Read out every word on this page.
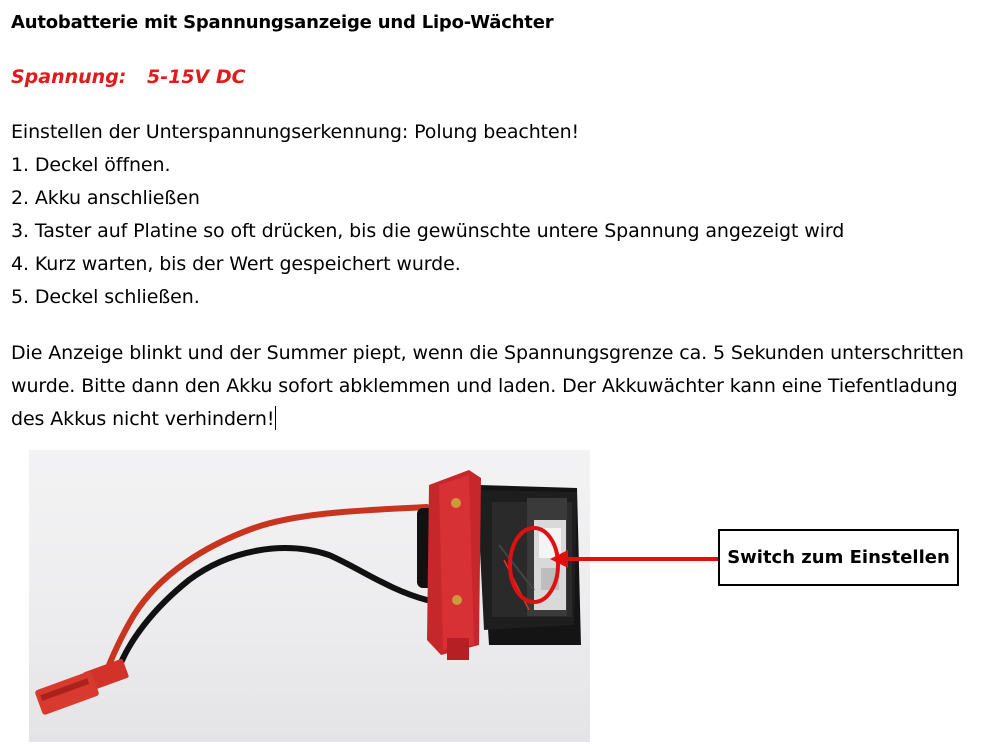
Autobatterie mit Spannungsanzeige und Lipo-Wächter
Spannung: 5-15V DC
Einstellen der Unterspannungserkennung: Polung beachten!
1. Deckel öffnen.
2. Akku anschließen
3. Taster auf Platine so oft drücken, bis die gewünschte untere Spannung angezeigt wird
4. Kurz warten, bis der Wert gespeichert wurde.
5. Deckel schließen.
Die Anzeige blinkt und der Summer piept, wenn die Spannungsgrenze ca. 5 Sekunden unterschritten wurde. Bitte dann den Akku sofort abklemmen und laden. Der Akkuwächter kann eine Tiefentladung des Akkus nicht verhindern!
Switch zum Einstellen
